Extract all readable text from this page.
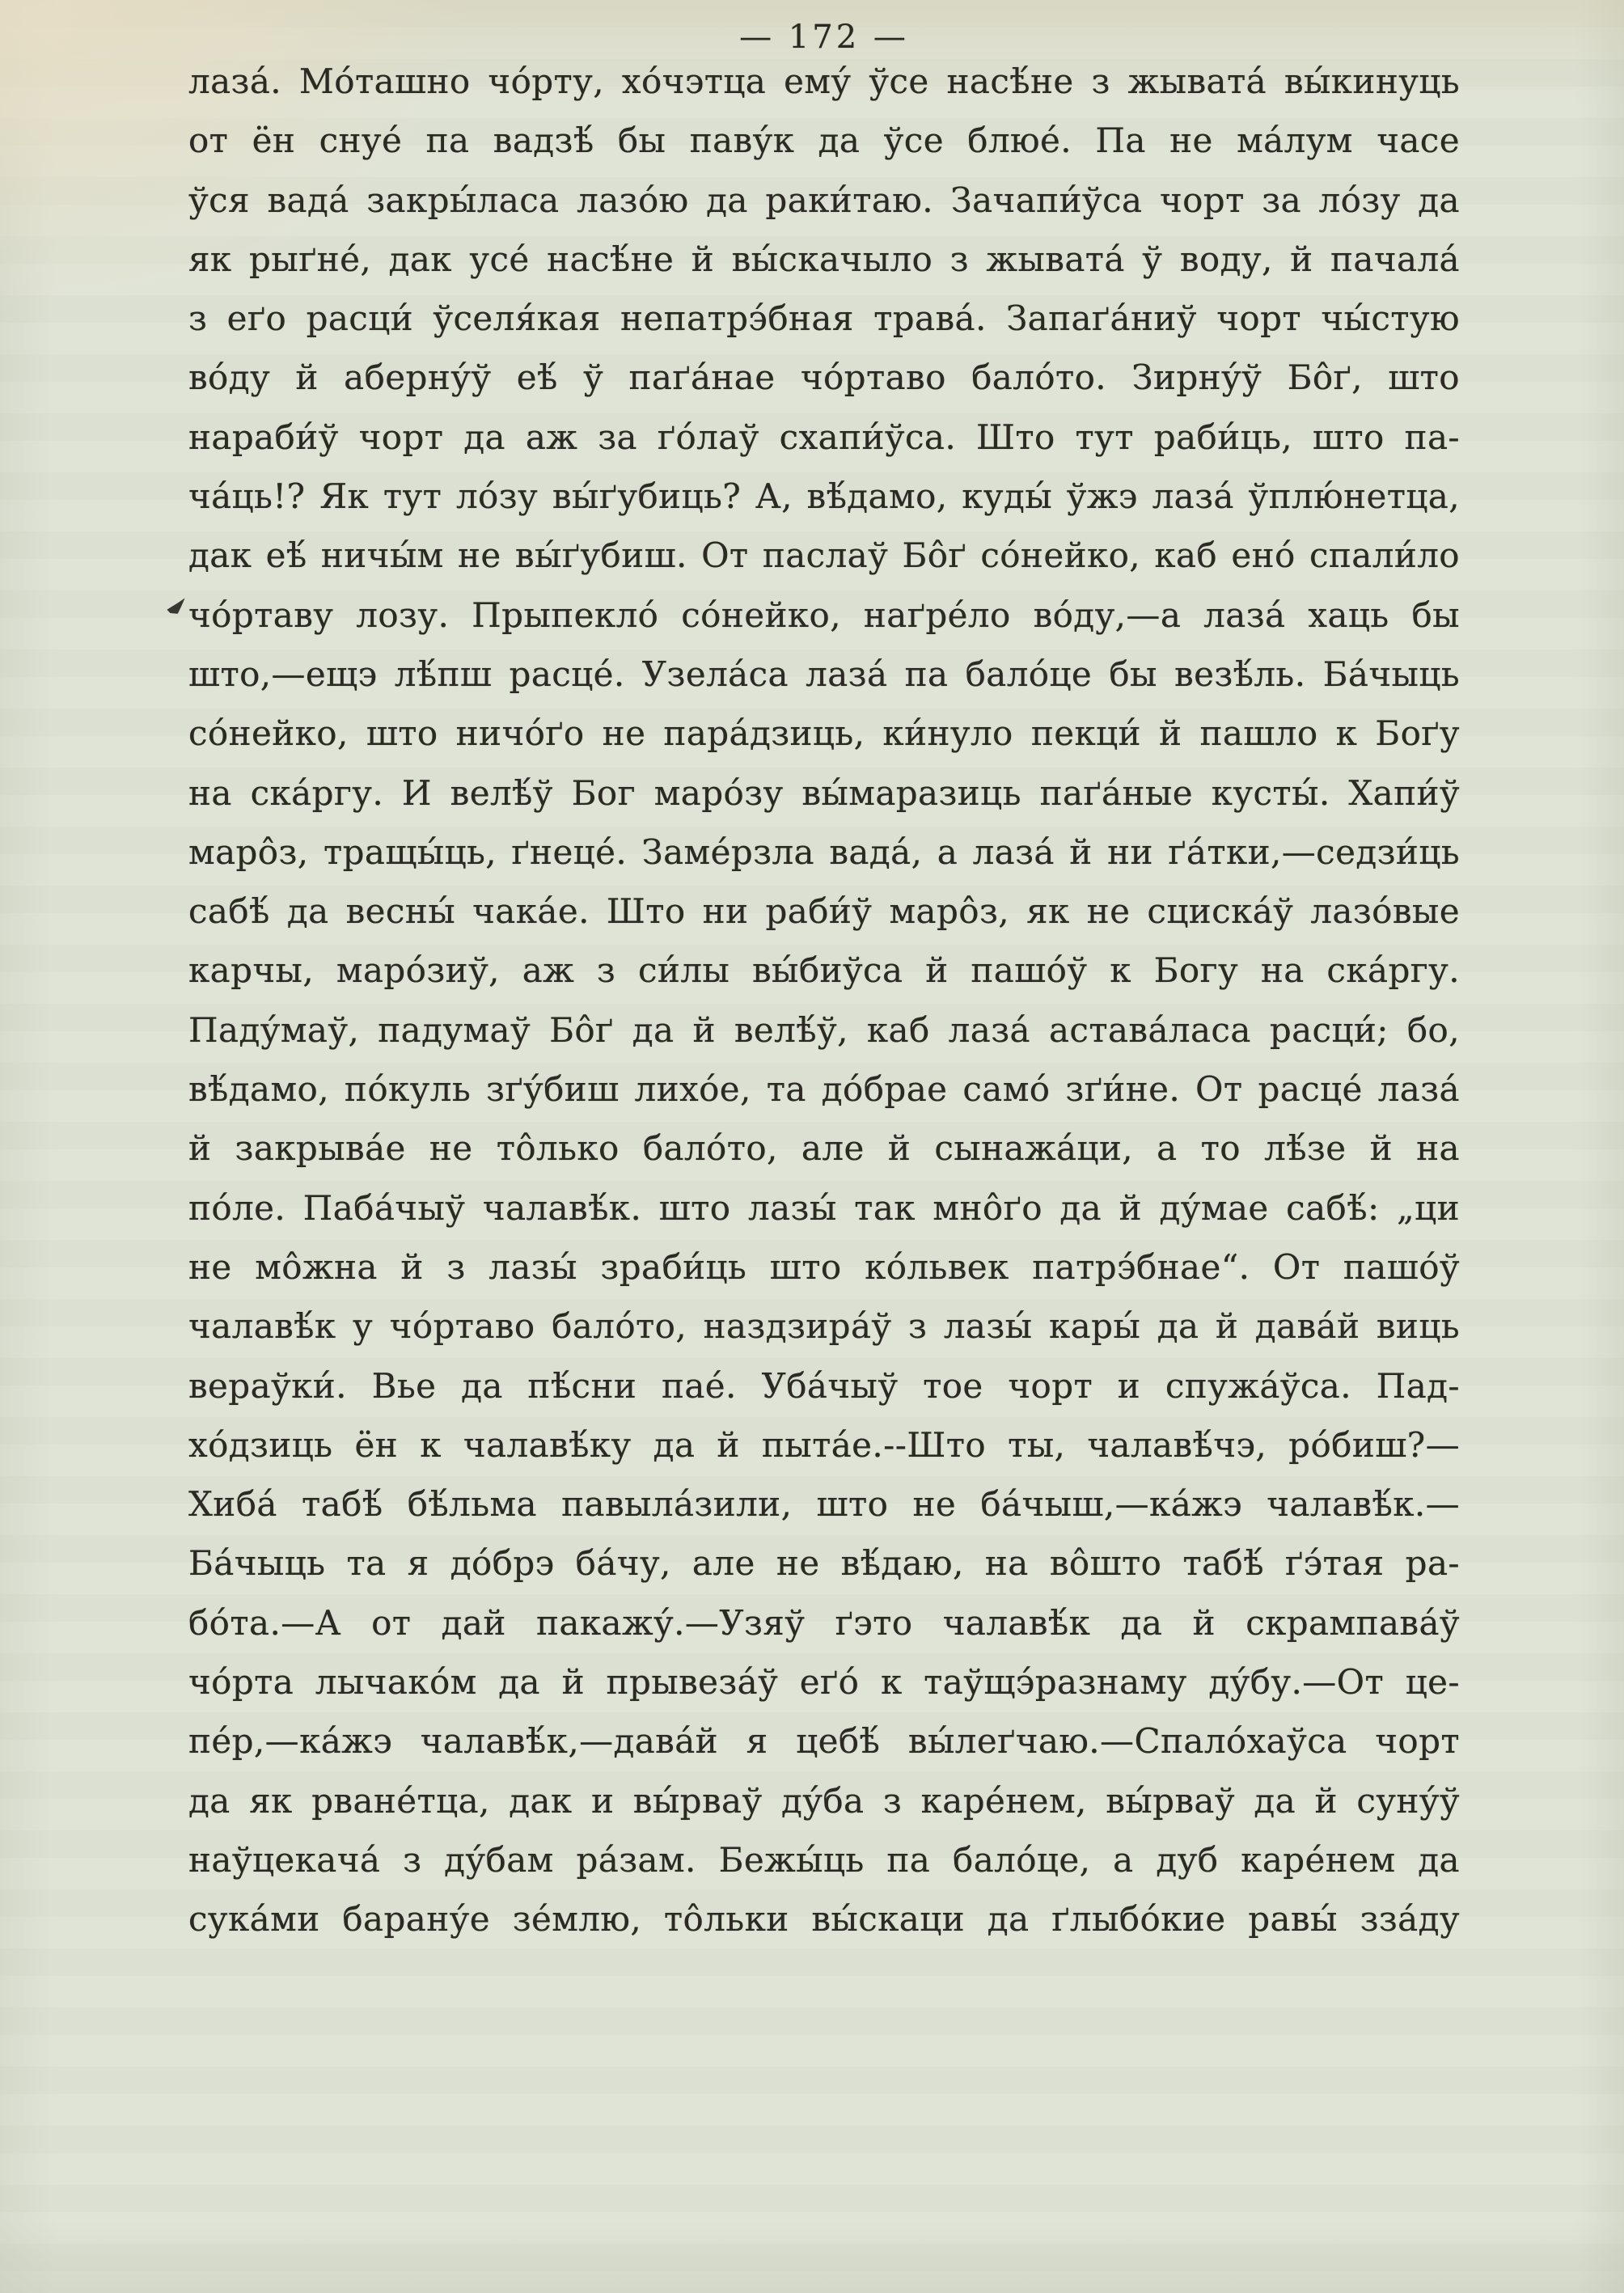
— 172 —
лаза́. Мо́ташно чо́рту, хо́чэтца ему́ ўсе насѣ́не з жывата́ вы́кинуць
от ён снуе́ па вадзѣ́ бы паву́к да ўсе блюе́. Па не ма́лум часе
ўся вада́ закры́ласа лазо́ю да раки́таю. Зачапи́ўса чорт за ло́зу да
як рыґне́, дак усе́ насѣ́не й вы́скачыло з жывата́ ў воду, й пачала́
з еґо расци́ ўселя́кая непатрэ́бная трава́. Запаґа́ниў чорт чы́стую
во́ду й аберну́ў еѣ́ ў паґа́нае чо́ртаво бало́то. Зирну́ў Бо̂ґ, што
нараби́ў чорт да аж за ґо́лаў схапи́ўса. Што тут раби́ць, што па-
ча́ць!? Як тут ло́зу вы́ґубиць? А, вѣ́дамо, куды́ ўжэ лаза́ ўплю́нетца,
дак еѣ́ ничы́м не вы́ґубиш. От паслаў Бо̂ґ со́нейко, каб ено́ спали́ло
чо́ртаву лозу. Прыпекло́ со́нейко, наґре́ло во́ду,—а лаза́ хаць бы
што,—ещэ лѣ́пш расце́. Узела́са лаза́ па бало́це бы везѣ́ль. Ба́чыць
со́нейко, што ничо́ґо не пара́дзиць, ки́нуло пекци́ й пашло к Боґу
на ска́ргу. И велѣ́ў Бог маро́зу вы́маразиць паґа́ные кусты́. Хапи́ў
маро̂з, тращы́ць, ґнеце́. Заме́рзла вада́, а лаза́ й ни ґа́тки,—седзи́ць
сабѣ́ да весны́ чака́е. Што ни раби́ў маро̂з, як не сциска́ў лазо́вые
карчы, маро́зиў, аж з си́лы вы́биўса й пашо́ў к Богу на ска́ргу.
Паду́маў, падумаў Бо̂ґ да й велѣ́ў, каб лаза́ астава́ласа расци́; бо,
вѣ́дамо, по́куль зґу́биш лихо́е, та до́брае само́ зґи́не. От расце́ лаза́
й закрыва́е не то̂лько бало́то, але й сынажа́ци, а то лѣ́зе й на
по́ле. Паба́чыў чалавѣ́к. што лазы́ так мно̂ґо да й ду́мае сабѣ́: „ци
не мо̂жна й з лазы́ зраби́ць што ко́львек патрэ́бнае“. От пашо́ў
чалавѣ́к у чо́ртаво бало́то, наздзира́ў з лазы́ кары́ да й дава́й виць
вераўки́. Вье да пѣ́сни пае́. Уба́чыў тое чорт и спужа́ўса. Пад-
хо́дзиць ён к чалавѣ́ку да й пыта́е.--Што ты, чалавѣ́чэ, ро́биш?—
Хиба́ табѣ́ бѣ́льма павыла́зили, што не ба́чыш,—ка́жэ чалавѣ́к.—
Ба́чыць та я до́брэ ба́чу, але не вѣ́даю, на во̂што табѣ́ ґэ́тая ра-
бо́та.—А от дай пакажу́.—Узяў ґэто чалавѣ́к да й скрампава́ў
чо́рта лычако́м да й прывеза́ў еґо́ к таўщэ́разнаму ду́бу.—От це-
пе́р,—ка́жэ чалавѣ́к,—дава́й я цебѣ́ вы́леґчаю.—Спало́хаўса чорт
да як рване́тца, дак и вы́рваў ду́ба з каре́нем, вы́рваў да й суну́ў
наўцекача́ з ду́бам ра́зам. Бежы́ць па бало́це, а дуб каре́нем да
сука́ми барану́е зе́млю, то̂льки вы́скаци да ґлыбо́кие равы́ зза́ду
